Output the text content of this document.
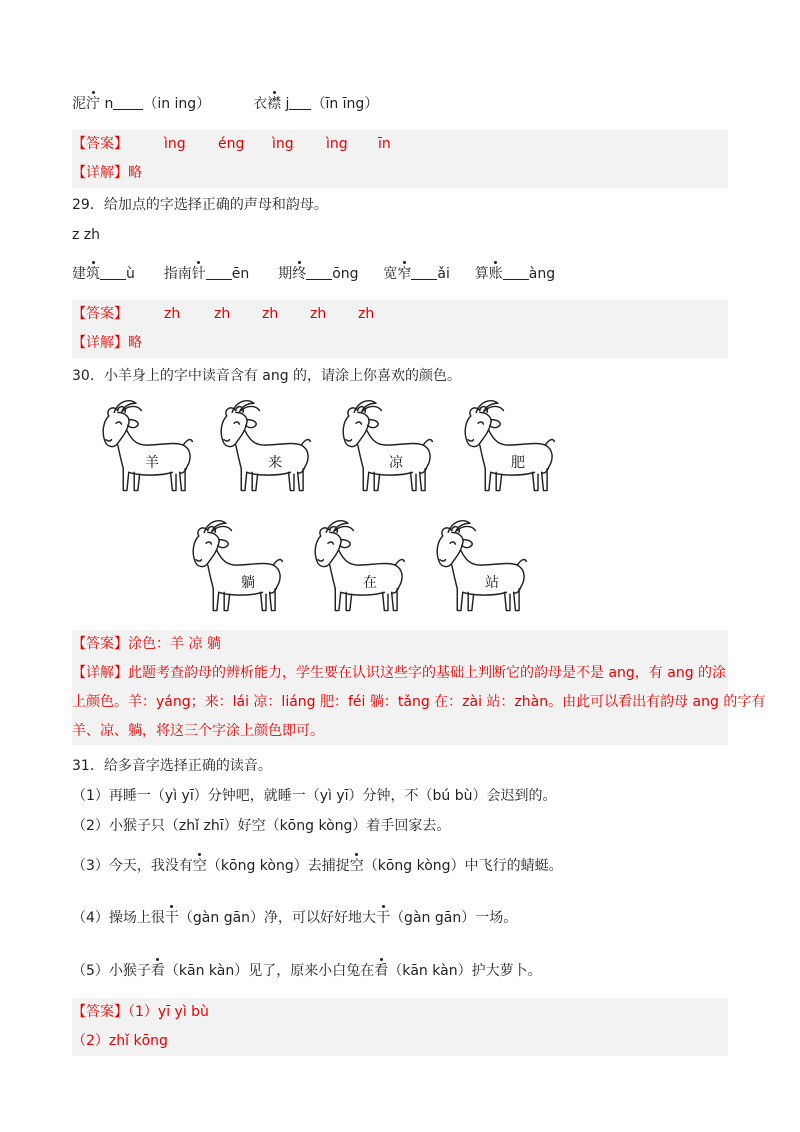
泥泞 n （in ing）	衣襟 j （īn īng）
【答案】	ìng éng ìng ìng īn
【详解】略
29．给加点的字选择正确的声母和韵母。
z zh
建筑 ù 指南针 ēn 期终 ōng 宽窄 ǎi 算账 àng
【答案】	zh zh zh zh zh
【详解】略
30．小羊身上的字中读音含有 ang 的，请涂上你喜欢的颜色。
羊	来	凉	肥
躺	在	站
【答案】涂色：羊 凉 躺
【详解】此题考查韵母的辨析能力，学生要在认识这些字的基础上判断它的韵母是不是 ang，有 ang 的涂
上颜色。羊：yáng；来：lái 凉：liáng 肥：féi 躺：tǎng 在：zài 站：zhàn。由此可以看出有韵母 ang 的字有
羊、凉、躺，将这三个字涂上颜色即可。
31．给多音字选择正确的读音。
（1）再睡一（yì yī）分钟吧，就睡一（yì yī）分钟，不（bú bù）会迟到的。
（2）小猴子只（zhǐ zhī）好空（kōng kòng）着手回家去。
（3）今天，我没有空（kōng kòng）去捕捉空（kōng kòng）中飞行的蜻蜓。
（4）操场上很干（gàn gān）净，可以好好地大干（gàn gān）一场。
（5）小猴子看（kān kàn）见了，原来小白兔在看（kān kàn）护大萝卜。
【答案】（1）yī yì bù
（2）zhǐ kōng
